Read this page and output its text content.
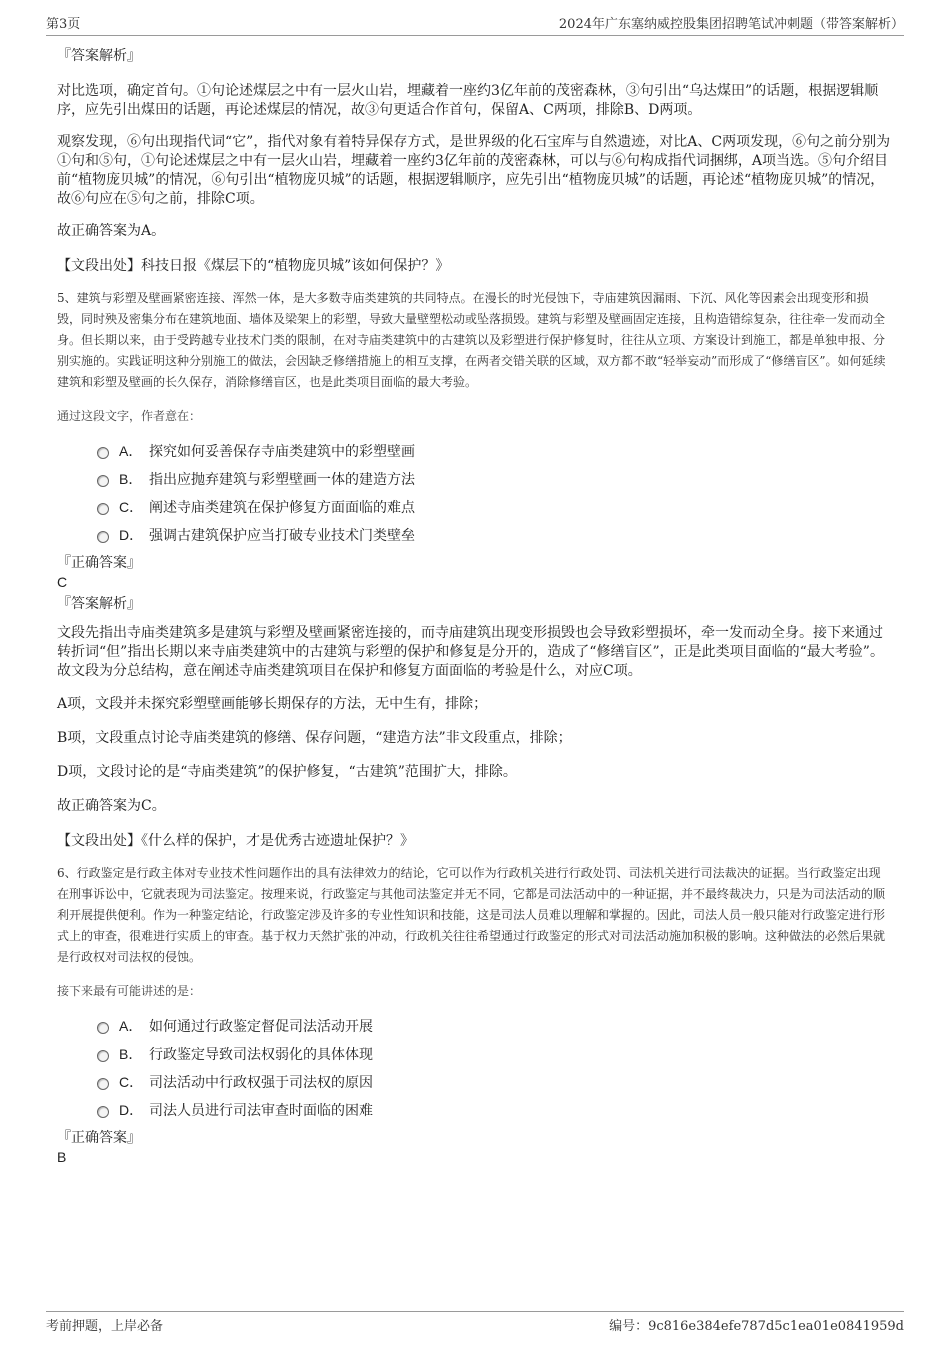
第3页	2024年广东塞纳威控股集团招聘笔试冲刺题（带答案解析）

『答案解析』

对比选项，确定首句。①句论述煤层之中有一层火山岩，埋藏着一座约3亿年前的茂密森林，③句引出“乌达煤田”的话题，根据逻辑顺序，应先引出煤田的话题，再论述煤层的情况，故③句更适合作首句，保留A、C两项，排除B、D两项。

观察发现，⑥句出现指代词“它”，指代对象有着特异保存方式，是世界级的化石宝库与自然遗迹，对比A、C两项发现，⑥句之前分别为①句和⑤句，①句论述煤层之中有一层火山岩，埋藏着一座约3亿年前的茂密森林，可以与⑥句构成指代词捆绑，A项当选。⑤句介绍目前“植物庞贝城”的情况，⑥句引出“植物庞贝城”的话题，根据逻辑顺序，应先引出“植物庞贝城”的话题，再论述“植物庞贝城”的情况，故⑥句应在⑤句之前，排除C项。

故正确答案为A。

【文段出处】科技日报《煤层下的“植物庞贝城”该如何保护？》

5、建筑与彩塑及壁画紧密连接、浑然一体，是大多数寺庙类建筑的共同特点。在漫长的时光侵蚀下，寺庙建筑因漏雨、下沉、风化等因素会出现变形和损毁，同时殃及密集分布在建筑地面、墙体及梁架上的彩塑，导致大量壁塑松动或坠落损毁。建筑与彩塑及壁画固定连接，且构造错综复杂，往往牵一发而动全身。但长期以来，由于受跨越专业技术门类的限制，在对寺庙类建筑中的古建筑以及彩塑进行保护修复时，往往从立项、方案设计到施工，都是单独申报、分别实施的。实践证明这种分别施工的做法，会因缺乏修缮措施上的相互支撑，在两者交错关联的区域，双方都不敢“轻举妄动”而形成了“修缮盲区”。如何延续建筑和彩塑及壁画的长久保存，消除修缮盲区，也是此类项目面临的最大考验。

通过这段文字，作者意在：

A． 探究如何妥善保存寺庙类建筑中的彩塑壁画
B． 指出应抛弃建筑与彩塑壁画一体的建造方法
C． 阐述寺庙类建筑在保护修复方面面临的难点
D． 强调古建筑保护应当打破专业技术门类壁垒

『正确答案』

C

『答案解析』

文段先指出寺庙类建筑多是建筑与彩塑及壁画紧密连接的，而寺庙建筑出现变形损毁也会导致彩塑损坏，牵一发而动全身。接下来通过转折词“但”指出长期以来寺庙类建筑中的古建筑与彩塑的保护和修复是分开的，造成了“修缮盲区”，正是此类项目面临的“最大考验”。故文段为分总结构，意在阐述寺庙类建筑项目在保护和修复方面面临的考验是什么，对应C项。

A项，文段并未探究彩塑壁画能够长期保存的方法，无中生有，排除；

B项，文段重点讨论寺庙类建筑的修缮、保存问题，“建造方法”非文段重点，排除；

D项，文段讨论的是“寺庙类建筑”的保护修复，“古建筑”范围扩大，排除。

故正确答案为C。

【文段出处】《什么样的保护，才是优秀古迹遗址保护？》

6、行政鉴定是行政主体对专业技术性问题作出的具有法律效力的结论，它可以作为行政机关进行行政处罚、司法机关进行司法裁决的证据。当行政鉴定出现在刑事诉讼中，它就表现为司法鉴定。按理来说，行政鉴定与其他司法鉴定并无不同，它都是司法活动中的一种证据，并不最终裁决力，只是为司法活动的顺利开展提供便利。作为一种鉴定结论，行政鉴定涉及许多的专业性知识和技能，这是司法人员难以理解和掌握的。因此，司法人员一般只能对行政鉴定进行形式上的审查，很难进行实质上的审查。基于权力天然扩张的冲动，行政机关往往希望通过行政鉴定的形式对司法活动施加积极的影响。这种做法的必然后果就是行政权对司法权的侵蚀。

接下来最有可能讲述的是：

A． 如何通过行政鉴定督促司法活动开展
B． 行政鉴定导致司法权弱化的具体体现
C． 司法活动中行政权强于司法权的原因
D． 司法人员进行司法审查时面临的困难

『正确答案』

B

考前押题，上岸必备	编号：9c816e384efe787d5c1ea01e0841959d
